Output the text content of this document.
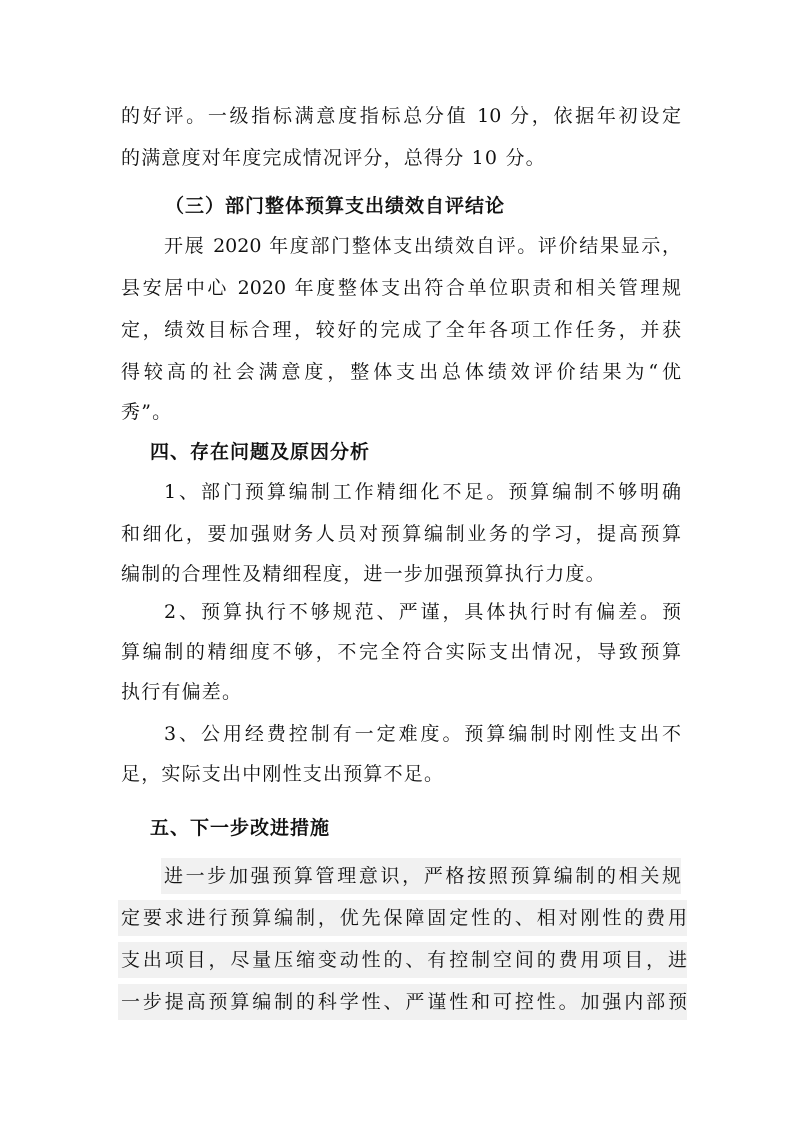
的好评。一级指标满意度指标总分值 10 分，依据年初设定
的满意度对年度完成情况评分，总得分 10 分。
（三）部门整体预算支出绩效自评结论
开展 2020 年度部门整体支出绩效自评。评价结果显示，
县安居中心 2020 年度整体支出符合单位职责和相关管理规
定，绩效目标合理，较好的完成了全年各项工作任务，并获
得较高的社会满意度，整体支出总体绩效评价结果为“优
秀”。
四、存在问题及原因分析
1、部门预算编制工作精细化不足。预算编制不够明确
和细化，要加强财务人员对预算编制业务的学习，提高预算
编制的合理性及精细程度，进一步加强预算执行力度。
2、预算执行不够规范、严谨，具体执行时有偏差。预
算编制的精细度不够，不完全符合实际支出情况，导致预算
执行有偏差。
3、公用经费控制有一定难度。预算编制时刚性支出不
足，实际支出中刚性支出预算不足。
五、下一步改进措施
进一步加强预算管理意识，严格按照预算编制的相关规
定要求进行预算编制，优先保障固定性的、相对刚性的费用
支出项目，尽量压缩变动性的、有控制空间的费用项目，进
一步提高预算编制的科学性、严谨性和可控性。加强内部预
